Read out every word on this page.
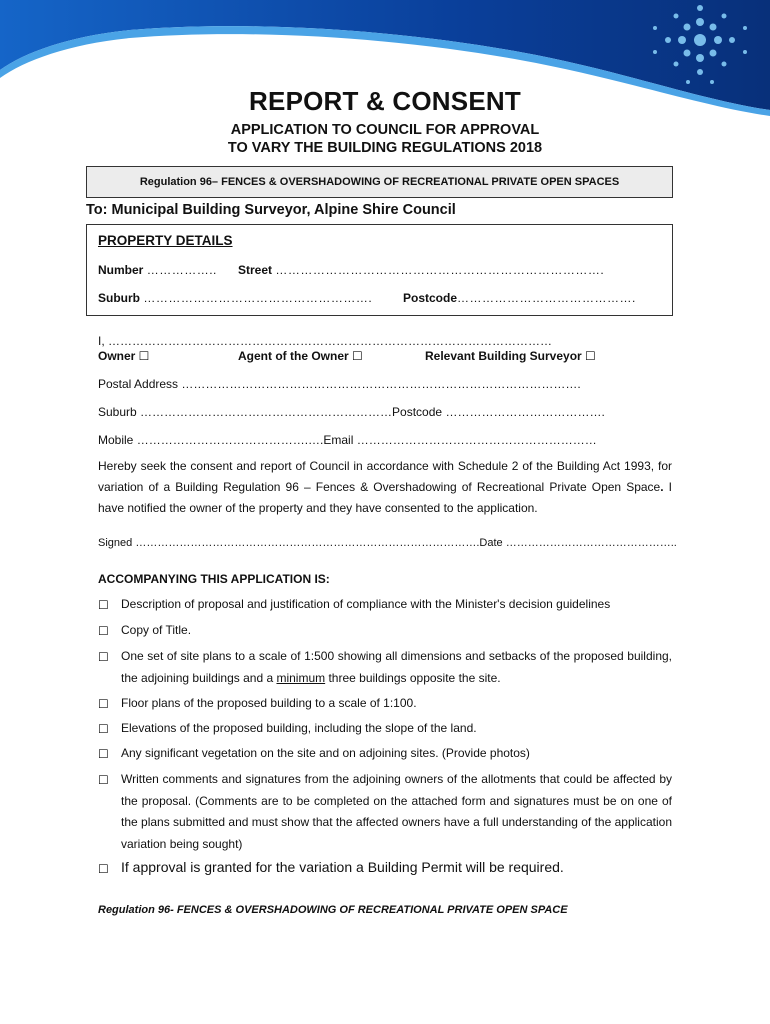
REPORT & CONSENT
APPLICATION TO COUNCIL FOR APPROVAL
TO VARY THE BUILDING REGULATIONS 2018
Regulation 96– FENCES & OVERSHADOWING OF RECREATIONAL PRIVATE OPEN SPACES
To: Municipal Building Surveyor, Alpine Shire Council
PROPERTY DETAILS
Number …………….. Street …………………………………………………………………….
Suburb ……………………………………………….	Postcode…………………………………….
I, …………………………………………………………………………………………………
Owner ☐	Agent of the Owner ☐	Relevant Building Surveyor ☐
Postal Address ……………………………………………………………………………………….
Suburb ………………………………………………………Postcode ………………………………….
Mobile …………………………………….….Email ……………………………………………………
Hereby seek the consent and report of Council in accordance with Schedule 2 of the Building Act 1993, for variation of a Building Regulation 96 – Fences & Overshadowing of Recreational Private Open Space. I have notified the owner of the property and they have consented to the application.
Signed ………………………………………………………………………………….Date ………………………………………..
ACCOMPANYING THIS APPLICATION IS:
☐ Description of proposal and justification of compliance with the Minister's decision guidelines
☐ Copy of Title.
☐ One set of site plans to a scale of 1:500 showing all dimensions and setbacks of the proposed building, the adjoining buildings and a minimum three buildings opposite the site.
☐ Floor plans of the proposed building to a scale of 1:100.
☐ Elevations of the proposed building, including the slope of the land.
☐ Any significant vegetation on the site and on adjoining sites. (Provide photos)
☐ Written comments and signatures from the adjoining owners of the allotments that could be affected by the proposal. (Comments are to be completed on the attached form and signatures must be on one of the plans submitted and must show that the affected owners have a full understanding of the application variation being sought)
☐ If approval is granted for the variation a Building Permit will be required.
Regulation 96- FENCES & OVERSHADOWING OF RECREATIONAL PRIVATE OPEN SPACE
